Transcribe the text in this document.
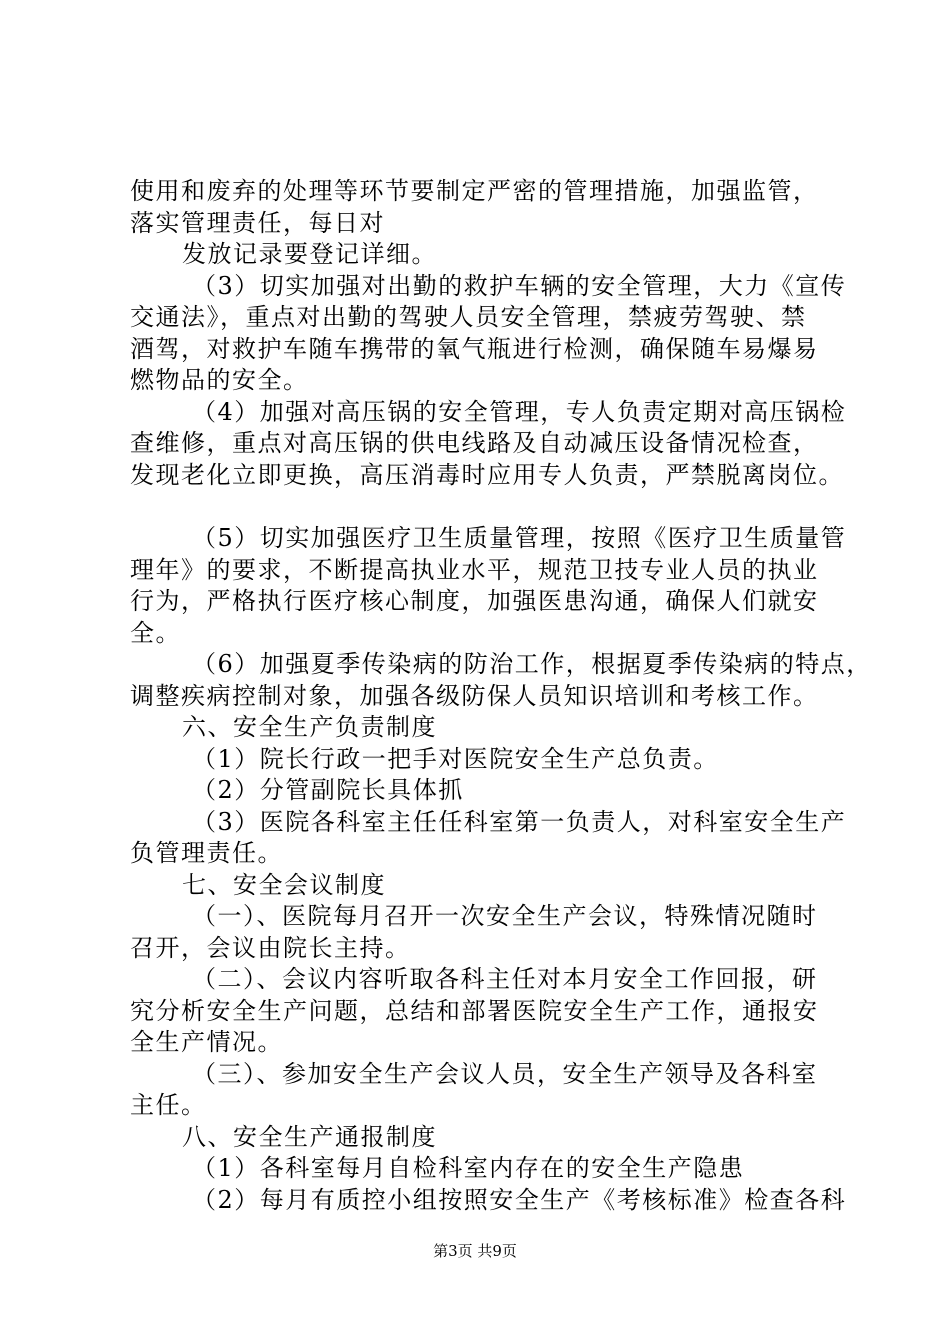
使用和废弃的处理等环节要制定严密的管理措施，加强监管，

落实管理责任，每日对

发放记录要登记详细。

（3）切实加强对出勤的救护车辆的安全管理，大力《宣传

交通法》，重点对出勤的驾驶人员安全管理，禁疲劳驾驶、禁

酒驾，对救护车随车携带的氧气瓶进行检测，确保随车易爆易

燃物品的安全。

（4）加强对高压锅的安全管理，专人负责定期对高压锅检

查维修，重点对高压锅的供电线路及自动减压设备情况检查，

发现老化立即更换，高压消毒时应用专人负责，严禁脱离岗位。

（5）切实加强医疗卫生质量管理，按照《医疗卫生质量管

理年》的要求，不断提高执业水平，规范卫技专业人员的执业

行为，严格执行医疗核心制度，加强医患沟通，确保人们就安

全。

（6）加强夏季传染病的防治工作，根据夏季传染病的特点，

调整疾病控制对象，加强各级防保人员知识培训和考核工作。

六、安全生产负责制度

（1）院长行政一把手对医院安全生产总负责。

（2）分管副院长具体抓

（3）医院各科室主任任科室第一负责人，对科室安全生产

负管理责任。

七、安全会议制度

（一）、医院每月召开一次安全生产会议，特殊情况随时

召开，会议由院长主持。

（二）、会议内容听取各科主任对本月安全工作回报，研

究分析安全生产问题，总结和部署医院安全生产工作，通报安

全生产情况。

（三）、参加安全生产会议人员，安全生产领导及各科室

主任。

八、安全生产通报制度

（1）各科室每月自检科室内存在的安全生产隐患

（2）每月有质控小组按照安全生产《考核标准》检查各科

第3页 共9页
